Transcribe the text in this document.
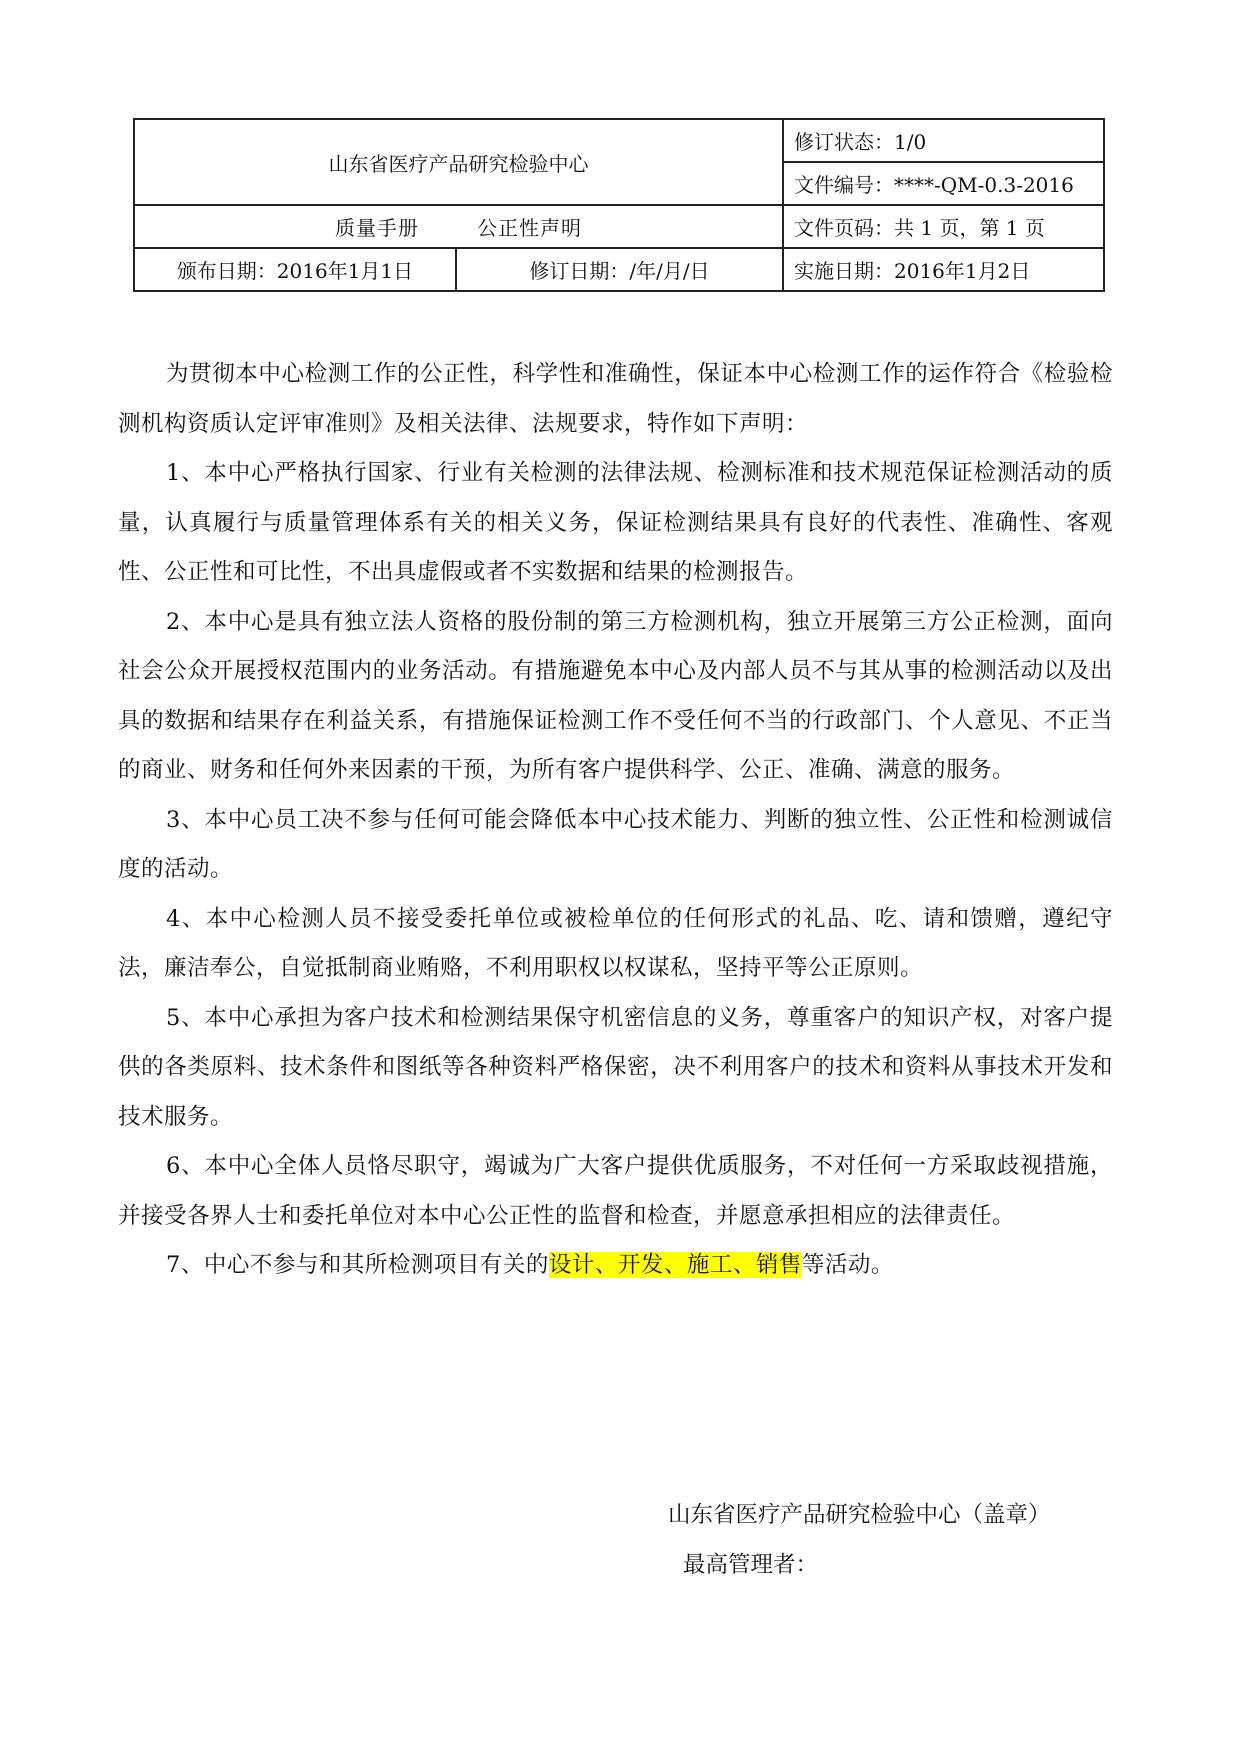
山东省医疗产品研究检验中心		修订状态：1/0
		文件编号：****-QM-0.3-2016
质量手册 公正性声明		文件页码：共 1 页，第 1 页
颁布日期：2016年1月1日	修订日期：/年/月/日	实施日期：2016年1月2日

为贯彻本中心检测工作的公正性，科学性和准确性，保证本中心检测工作的运作符合《检验检测机构资质认定评审准则》及相关法律、法规要求，特作如下声明：

1、本中心严格执行国家、行业有关检测的法律法规、检测标准和技术规范保证检测活动的质量，认真履行与质量管理体系有关的相关义务，保证检测结果具有良好的代表性、准确性、客观性、公正性和可比性，不出具虚假或者不实数据和结果的检测报告。

2、本中心是具有独立法人资格的股份制的第三方检测机构，独立开展第三方公正检测，面向社会公众开展授权范围内的业务活动。有措施避免本中心及内部人员不与其从事的检测活动以及出具的数据和结果存在利益关系，有措施保证检测工作不受任何不当的行政部门、个人意见、不正当的商业、财务和任何外来因素的干预，为所有客户提供科学、公正、准确、满意的服务。

3、本中心员工决不参与任何可能会降低本中心技术能力、判断的独立性、公正性和检测诚信度的活动。

4、本中心检测人员不接受委托单位或被检单位的任何形式的礼品、吃、请和馈赠，遵纪守法，廉洁奉公，自觉抵制商业贿赂，不利用职权以权谋私，坚持平等公正原则。

5、本中心承担为客户技术和检测结果保守机密信息的义务，尊重客户的知识产权，对客户提供的各类原料、技术条件和图纸等各种资料严格保密，决不利用客户的技术和资料从事技术开发和技术服务。

6、本中心全体人员恪尽职守，竭诚为广大客户提供优质服务，不对任何一方采取歧视措施，并接受各界人士和委托单位对本中心公正性的监督和检查，并愿意承担相应的法律责任。

7、中心不参与和其所检测项目有关的设计、开发、施工、销售等活动。

山东省医疗产品研究检验中心（盖章）
最高管理者：
